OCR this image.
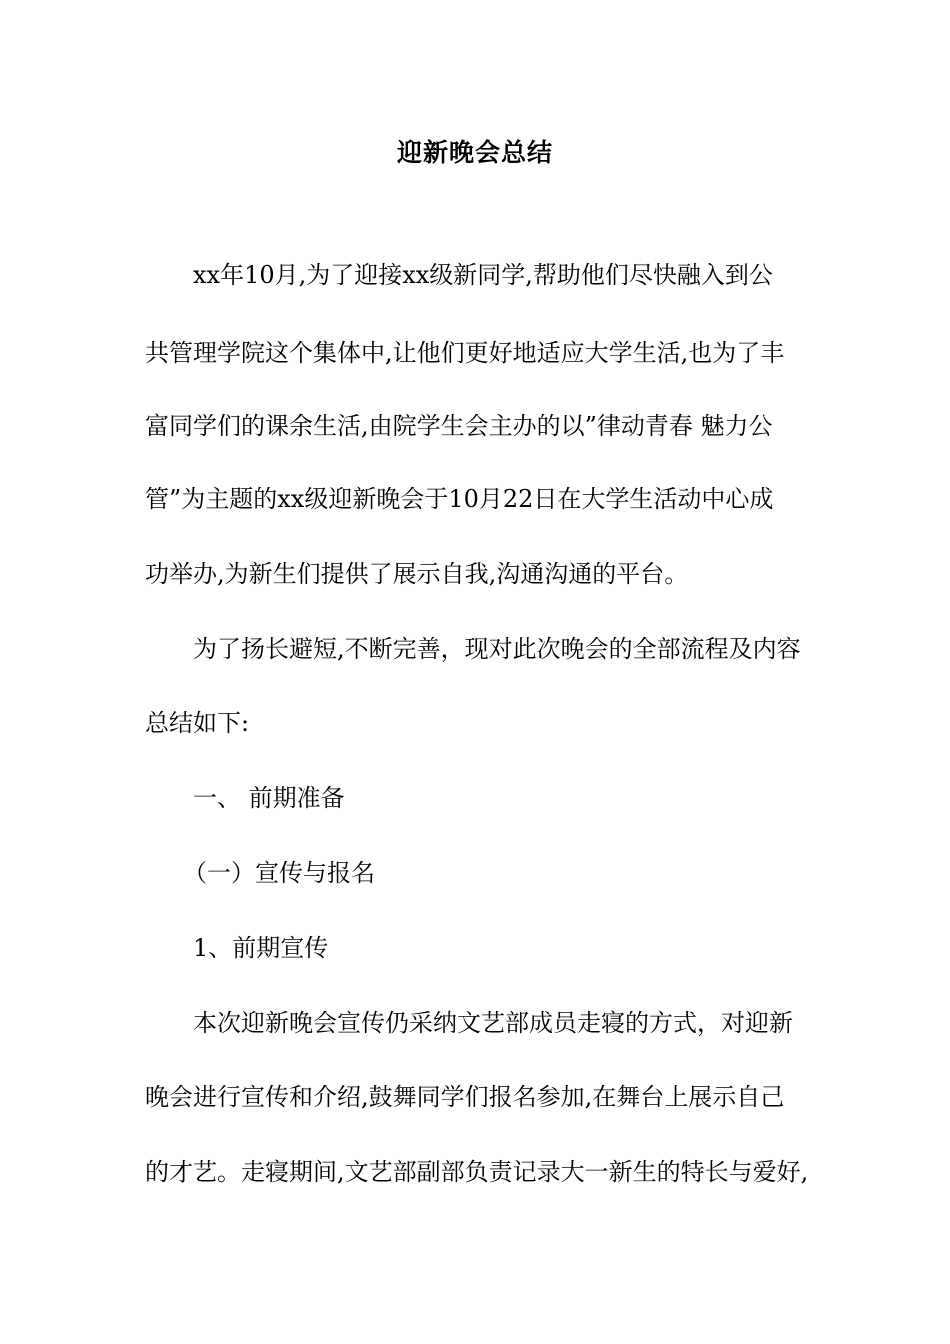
迎新晚会总结
xx年10月,为了迎接xx级新同学,帮助他们尽快融入到公
共管理学院这个集体中,让他们更好地适应大学生活,也为了丰
富同学们的课余生活,由院学生会主办的以”律动青春 魅力公
管”为主题的xx级迎新晚会于10月22日在大学生活动中心成
功举办,为新生们提供了展示自我,沟通沟通的平台。
为了扬长避短,不断完善，现对此次晚会的全部流程及内容
总结如下:
一、 前期准备
（一）宣传与报名
1、前期宣传
本次迎新晚会宣传仍采纳文艺部成员走寝的方式，对迎新
晚会进行宣传和介绍,鼓舞同学们报名参加,在舞台上展示自己
的才艺。走寝期间,文艺部副部负责记录大一新生的特长与爱好,
